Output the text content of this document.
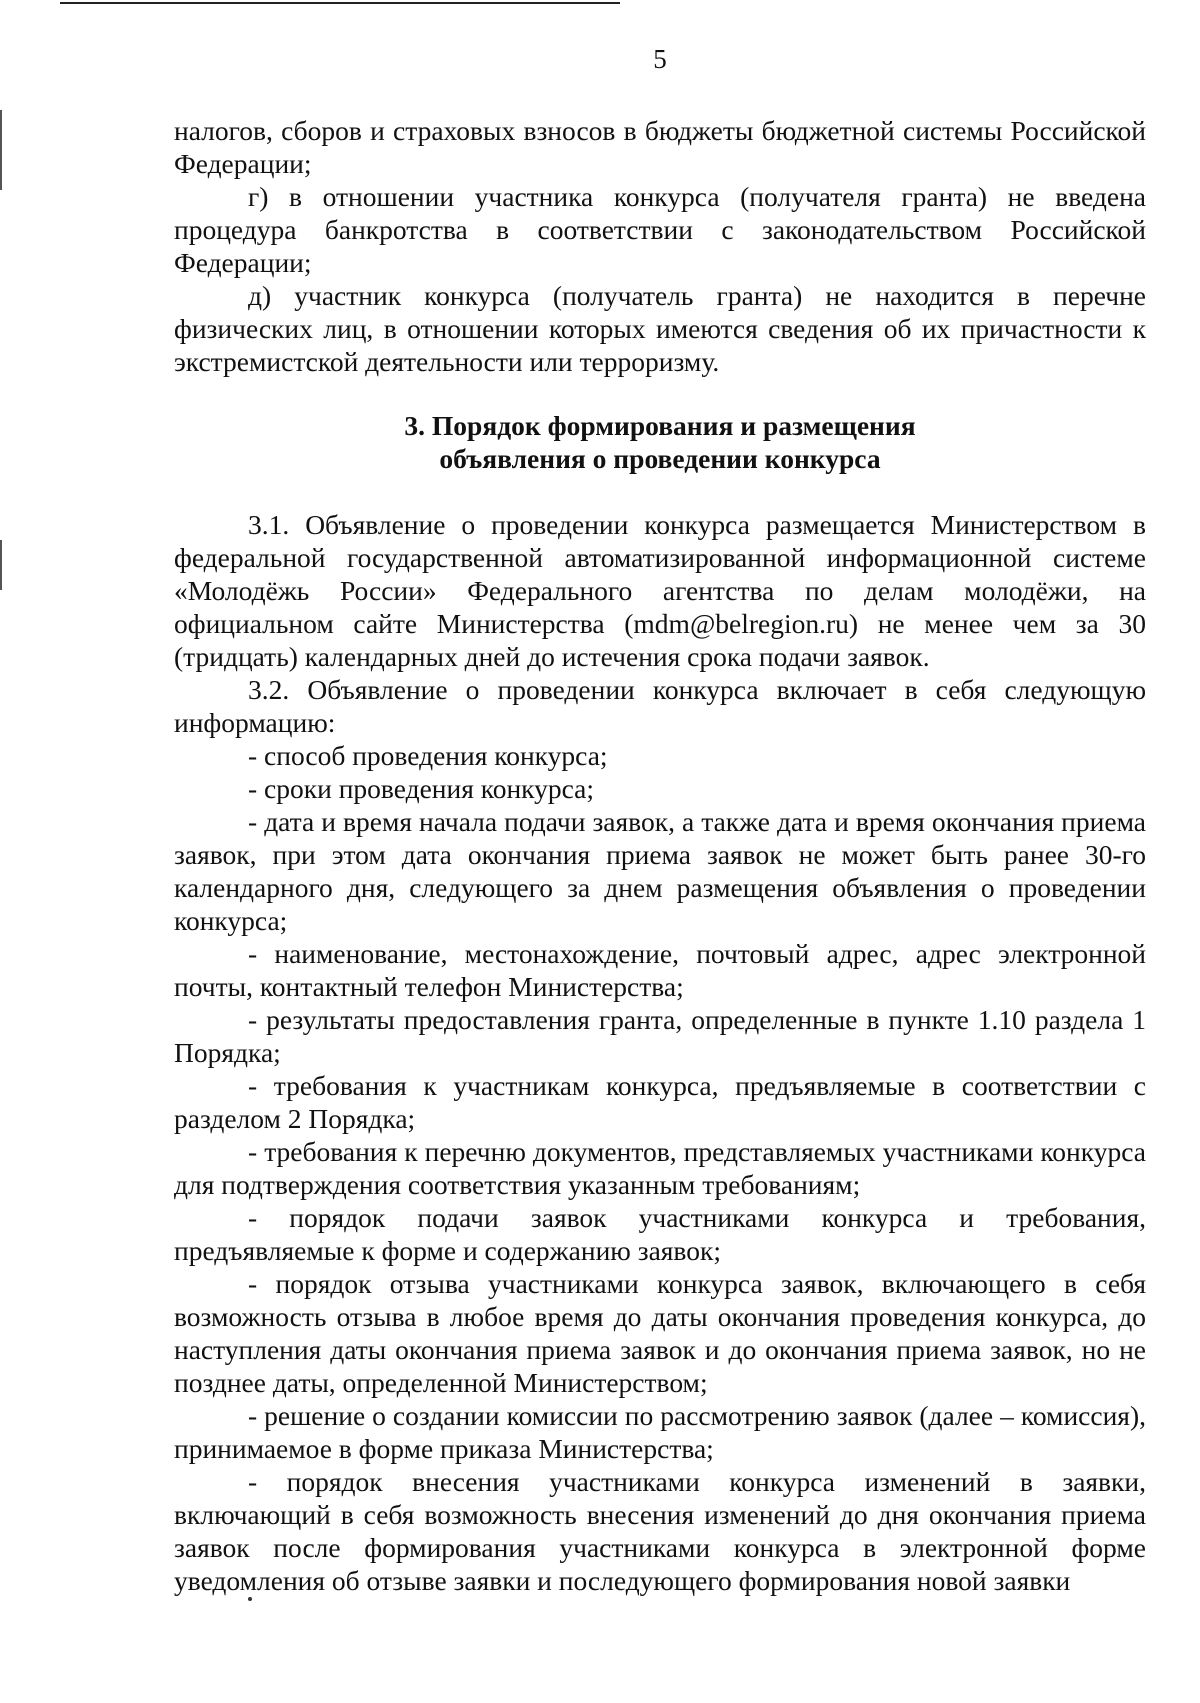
5

налогов, сборов и страховых взносов в бюджеты бюджетной системы Российской Федерации;

г) в отношении участника конкурса (получателя гранта) не введена процедура банкротства в соответствии с законодательством Российской Федерации;

д) участник конкурса (получатель гранта) не находится в перечне физических лиц, в отношении которых имеются сведения об их причастности к экстремистской деятельности или терроризму.

3. Порядок формирования и размещения
объявления о проведении конкурса

3.1. Объявление о проведении конкурса размещается Министерством в федеральной государственной автоматизированной информационной системе «Молодёжь России» Федерального агентства по делам молодёжи, на официальном сайте Министерства (mdm@belregion.ru) не менее чем за 30 (тридцать) календарных дней до истечения срока подачи заявок.

3.2. Объявление о проведении конкурса включает в себя следующую информацию:

- способ проведения конкурса;

- сроки проведения конкурса;

- дата и время начала подачи заявок, а также дата и время окончания приема заявок, при этом дата окончания приема заявок не может быть ранее 30-го календарного дня, следующего за днем размещения объявления о проведении конкурса;

- наименование, местонахождение, почтовый адрес, адрес электронной почты, контактный телефон Министерства;

- результаты предоставления гранта, определенные в пункте 1.10 раздела 1 Порядка;

- требования к участникам конкурса, предъявляемые в соответствии с разделом 2 Порядка;

- требования к перечню документов, представляемых участниками конкурса для подтверждения соответствия указанным требованиям;

- порядок подачи заявок участниками конкурса и требования, предъявляемые к форме и содержанию заявок;

- порядок отзыва участниками конкурса заявок, включающего в себя возможность отзыва в любое время до даты окончания проведения конкурса, до наступления даты окончания приема заявок и до окончания приема заявок, но не позднее даты, определенной Министерством;

- решение о создании комиссии по рассмотрению заявок (далее – комиссия), принимаемое в форме приказа Министерства;

- порядок внесения участниками конкурса изменений в заявки, включающий в себя возможность внесения изменений до дня окончания приема заявок после формирования участниками конкурса в электронной форме уведомления об отзыве заявки и последующего формирования новой заявки
